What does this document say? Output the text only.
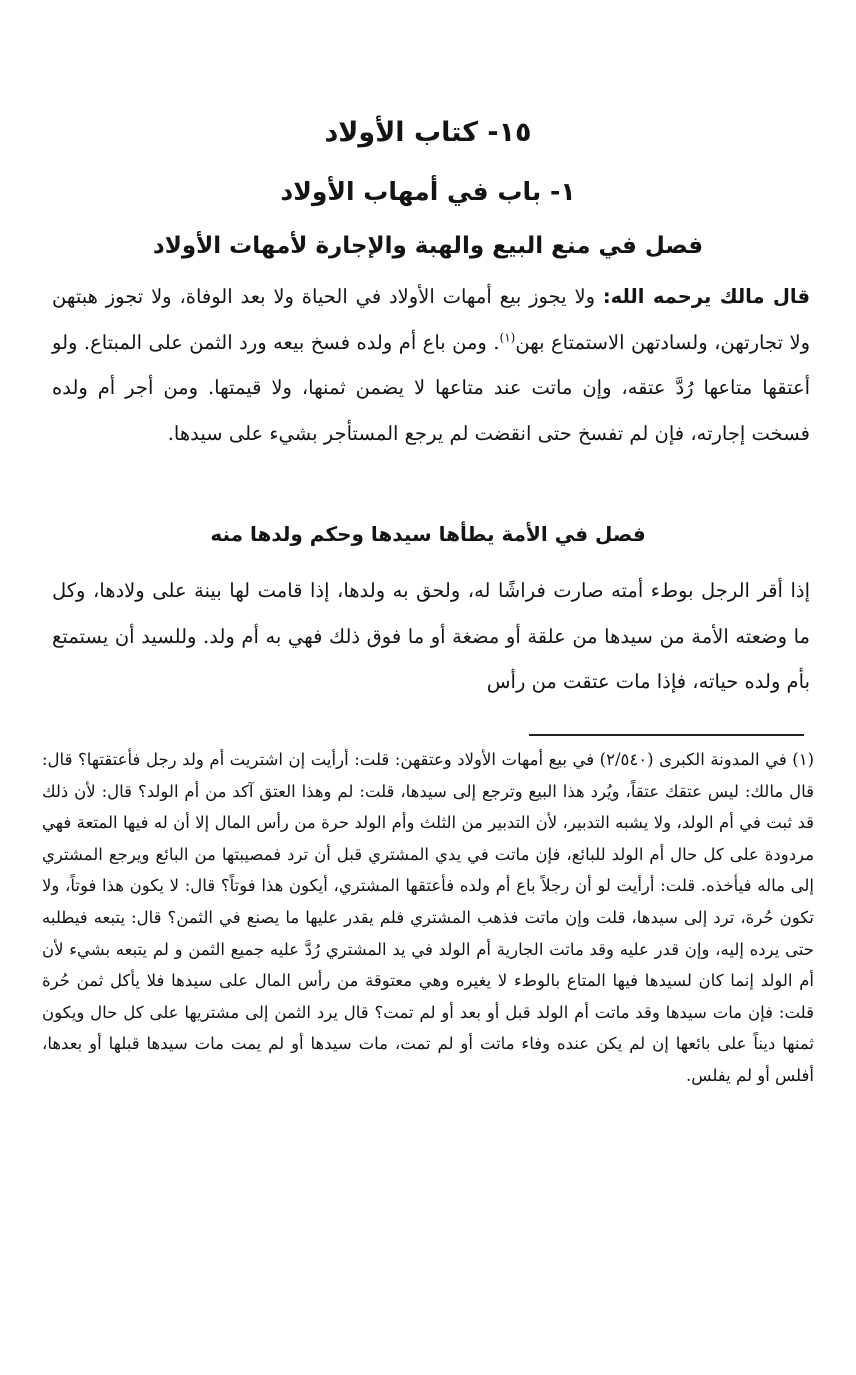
١٥- كتاب الأولاد
١- باب في أمهاب الأولاد
فصل في منع البيع والهبة والإجارة لأمهات الأولاد

قال مالك يرحمه الله: ولا يجوز بيع أمهات الأولاد في الحياة ولا بعد الوفاة، ولا تجوز هبتهن ولا تجارتهن، ولسادتهن الاستمتاع بهن$^{(١)}$. ومن باع أم ولده فسخ بيعه ورد الثمن على المبتاع. ولو أعتقها متاعها رُدَّ عتقه، وإن ماتت عند متاعها لا يضمن ثمنها، ولا قيمتها. ومن أجر أم ولده فسخت إجارته، فإن لم تفسخ حتى انقضت لم يرجع المستأجر بشيء على سيدها.

فصل في الأمة يطأها سيدها وحكم ولدها منه

إذا أقر الرجل بوطء أمته صارت فراشًا له، ولحق به ولدها، إذا قامت لها بينة على ولادها، وكل ما وضعته الأمة من سيدها من علقة أو مضغة أو ما فوق ذلك فهي به أم ولد. وللسيد أن يستمتع بأم ولده حياته، فإذا مات عتقت من رأس

(١) في المدونة الكبرى (٢/٥٤٠) في بيع أمهات الأولاد وعتقهن: قلت: أرأيت إن اشتريت أم ولد رجل فأعتقتها؟ قال: قال مالك: ليس عتقك عتقاً، ويُرد هذا البيع وترجع إلى سيدها، قلت: لم وهذا العتق آكد من أم الولد؟ قال: لأن ذلك قد ثبت في أم الولد، ولا يشبه التدبير، لأن التدبير من الثلث وأم الولد حرة من رأس المال إلا أن له فيها المتعة فهي مردودة على كل حال أم الولد للبائع، فإن ماتت في يدي المشتري قبل أن ترد فمصيبتها من البائع ويرجع المشتري إلى ماله فيأخذه. قلت: أرأيت لو أن رجلاً باع أم ولده فأعتقها المشتري، أيكون هذا فوتاً؟ قال: لا يكون هذا فوتاً، ولا تكون حُرة، ترد إلى سيدها، قلت وإن ماتت فذهب المشتري فلم يقدر عليها ما يصنع في الثمن؟ قال: يتبعه فيطلبه حتى يرده إليه، وإن قدر عليه وقد ماتت الجارية أم الولد في يد المشتري رُدَّ عليه جميع الثمن و لم يتبعه بشيء لأن أم الولد إنما كان لسيدها فيها المتاع بالوطء لا يغيره وهي معتوقة من رأس المال على سيدها فلا يأكل ثمن حُرة قلت: فإن مات سيدها وقد ماتت أم الولد قبل أو بعد أو لم تمت؟ قال يرد الثمن إلى مشتريها على كل حال ويكون ثمنها ديناً على بائعها إن لم يكن عنده وفاء ماتت أو لم تمت، مات سيدها أو لم يمت مات سيدها قبلها أو بعدها، أفلس أو لم يفلس.
